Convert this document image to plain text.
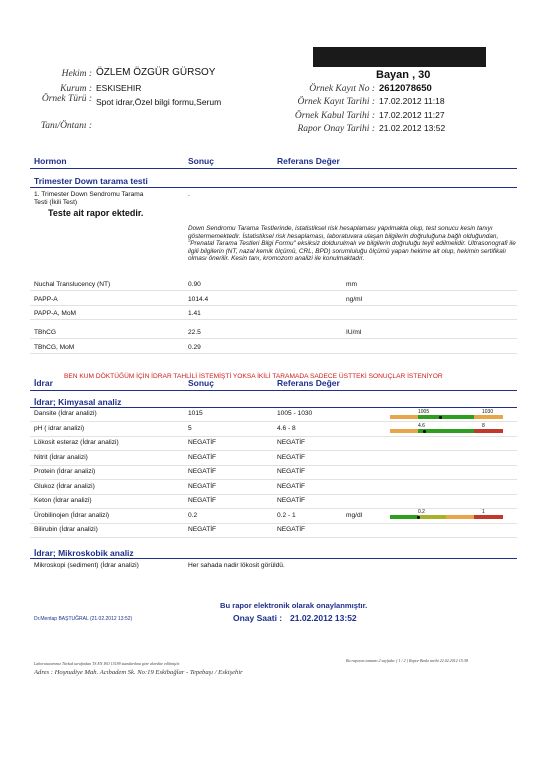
Hekim : ÖZLEM ÖZGÜR GÜRSOY
Kurum : ESKISEHIR
Örnek Türü : Spot idrar,Özel bilgi formu,Serum
Tanı/Öntanı :
Bayan , 30
Örnek Kayıt No : 2612078650
Örnek Kayıt Tarihi : 17.02.2012 11:18
Örnek Kabul Tarihi : 17.02.2012 11:27
Rapor Onay Tarihi : 21.02.2012 13:52
Hormon	Sonuç	Referans Değer
Trimester Down tarama testi
1. Trimester Down Sendromu Tarama
Testi (İkili Test)
.
Teste ait rapor ektedir.
Down Sendromu Tarama Testlerinde, istatistiksel risk hesaplaması yapılmakta olup, test sonucu kesin tanıyı göstermemektedir. İstatistiksel risk hesaplaması, laboratuvara ulaşan bilgilerin doğruluğuna bağlı olduğundan, "Prenatal Tarama Testleri Bilgi Formu" eksiksiz doldurulmalı ve bilgilerin doğruluğu teyit edilmelidir. Ultrasonografi ile ilgili bilgilerin (NT, nazal kemik ölçümü, CRL, BPD) sorumluluğu ölçümü yapan hekime ait olup, hekimin sertifikalı olması önerilir. Kesin tanı, kromozom analizi ile konulmaktadır.
Nuchal Translucency (NT)	0.90	mm
PAPP-A	1014.4	ng/ml
PAPP-A, MoM	1.41
TBhCG	22.5	IU/ml
TBhCG, MoM	0.29
BEN KUM DÖKTÜĞÜM İÇİN İDRAR TAHLİLİ İSTEMİŞTİ YOKSA İKİLİ TARAMADA SADECE ÜSTTEKİ SONUÇLAR İSTENİYOR
İdrar	Sonuç	Referans Değer
İdrar; Kimyasal analiz
Dansite (İdrar analizi)	1015	1005 - 1030
pH ( idrar analizi)	5	4.6 - 8
Lökosit esteraz (İdrar analizi)	NEGATİF	NEGATİF
Nitrit (İdrar analizi)	NEGATİF	NEGATİF
Protein (İdrar analizi)	NEGATİF	NEGATİF
Glukoz (İdrar analizi)	NEGATİF	NEGATİF
Keton (İdrar analizi)	NEGATİF	NEGATİF
Ürobilinojen (İdrar analizi)	0.2	0.2 - 1	mg/dl
Bilirubin (İdrar analizi)	NEGATİF	NEGATİF
1005	1030
4.6	8
0.2	1
İdrar; Mikroskobik analiz
Mikroskopi (sediment) (İdrar analizi)	Her sahada nadir lökosit görüldü.
Dr.Mentap BAŞTUĞRAL (21.02.2012 13:52)
Bu rapor elektronik olarak onaylanmıştır.
Onay Saati : 21.02.2012 13:52
Laboratuvarımız Türkak tarafından TS EN ISO 15189 standardına göre akredite edilmiştir.
Bu raporun tamamı 2 sayfadır. ( 1 / 2 ) Rapor Baskı tarihi 22.02.2012 15:58
Adres : Hoşnudiye Mah. Acıbadem Sk. No:19 Eskibağlar - Tepebaşı / Eskişehir
